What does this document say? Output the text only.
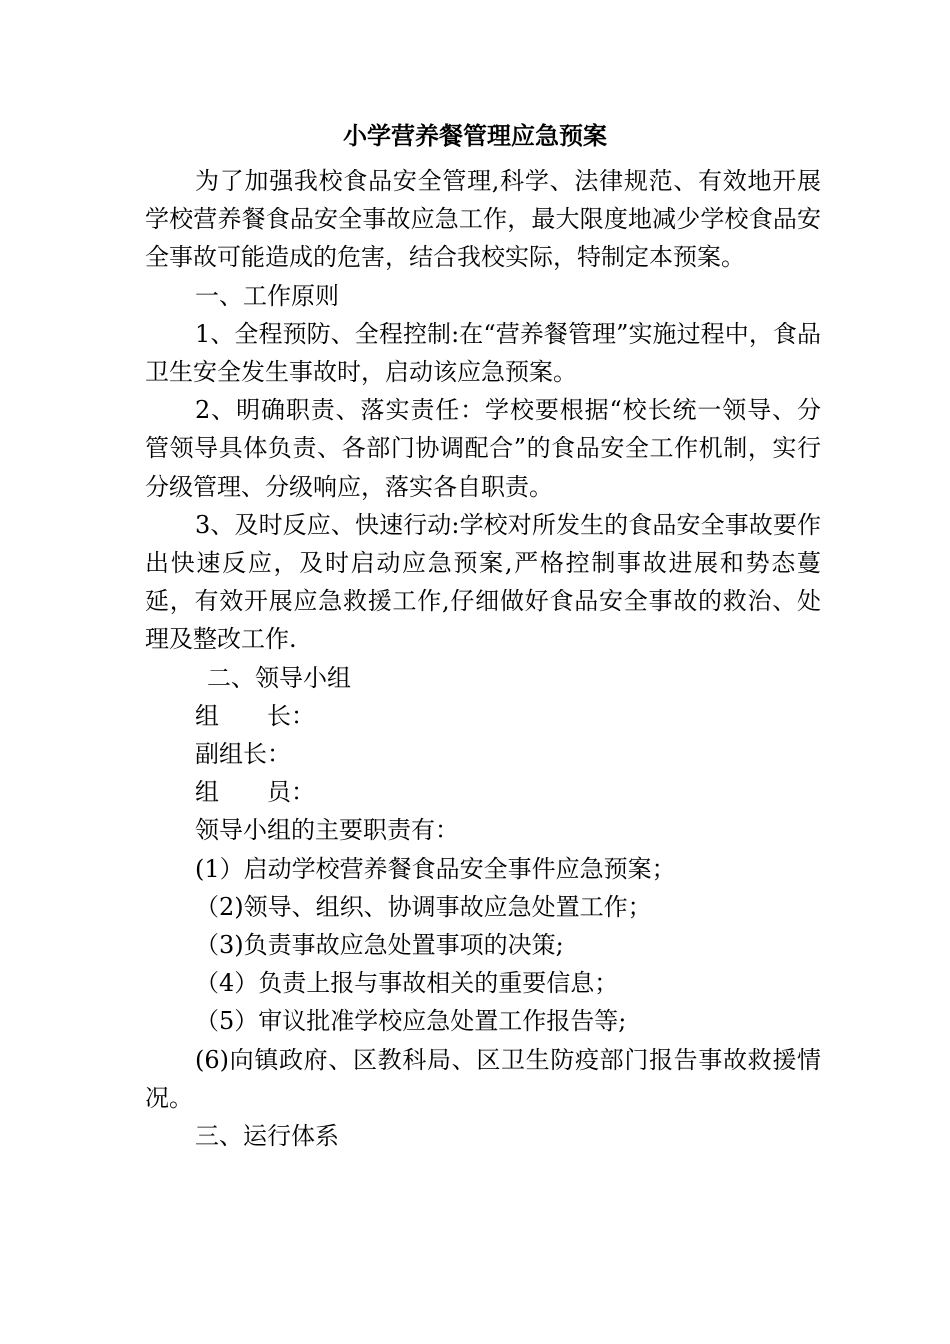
小学营养餐管理应急预案

为了加强我校食品安全管理,科学、法律规范、有效地开展学校营养餐食品安全事故应急工作，最大限度地减少学校食品安全事故可能造成的危害，结合我校实际，特制定本预案。

一、工作原则

1、全程预防、全程控制:在“营养餐管理”实施过程中，食品卫生安全发生事故时，启动该应急预案。

2、明确职责、落实责任：学校要根据“校长统一领导、分管领导具体负责、各部门协调配合”的食品安全工作机制，实行分级管理、分级响应，落实各自职责。

3、及时反应、快速行动:学校对所发生的食品安全事故要作出快速反应，及时启动应急预案,严格控制事故进展和势态蔓延，有效开展应急救援工作,仔细做好食品安全事故的救治、处理及整改工作.

二、领导小组

组　　长：

副组长：

组　　员：

领导小组的主要职责有：

(1）启动学校营养餐食品安全事件应急预案；

（2)领导、组织、协调事故应急处置工作；

（3)负责事故应急处置事项的决策;

（4）负责上报与事故相关的重要信息；

（5）审议批准学校应急处置工作报告等;

(6)向镇政府、区教科局、区卫生防疫部门报告事故救援情况。

三、运行体系
